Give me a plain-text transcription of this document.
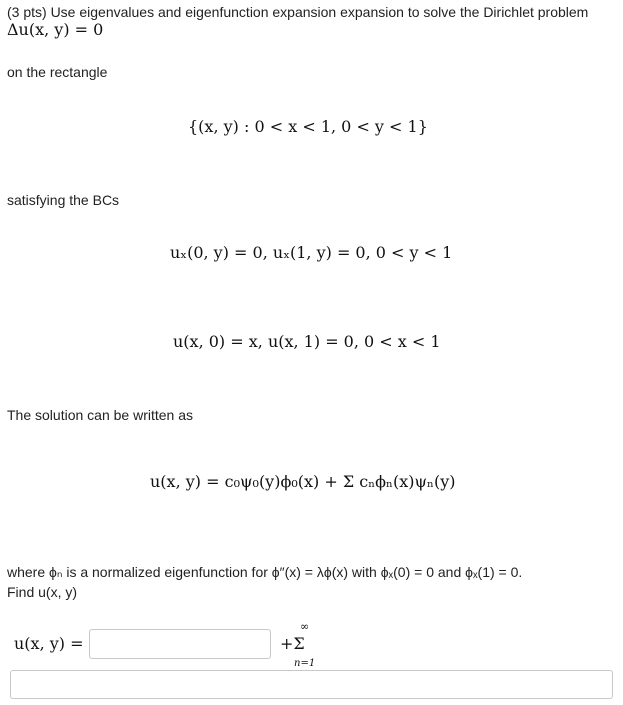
(3 pts) Use eigenvalues and eigenfunction expansion expansion to solve the Dirichlet problem
Δu(x, y) = 0
on the rectangle
{(x, y) : 0 < x < 1, 0 < y < 1}
satisfying the BCs
uₓ(0, y) = 0, uₓ(1, y) = 0, 0 < y < 1
u(x, 0) = x, u(x, 1) = 0, 0 < x < 1
The solution can be written as
u(x, y) = c₀ψ₀(y)ϕ₀(x) + Σ cₙϕₙ(x)ψₙ(y)
where ϕₙ is a normalized eigenfunction for ϕ″(x) = λϕ(x) with ϕₓ(0) = 0 and ϕₓ(1) = 0.
Find u(x, y)
u(x, y) =	+Σ
∞
n=1
